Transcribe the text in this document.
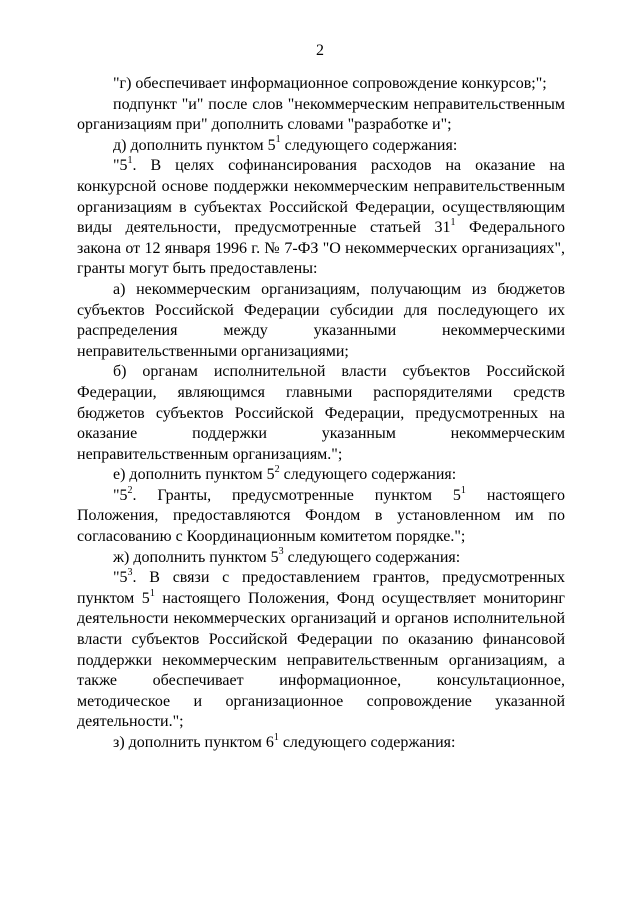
2

"г) обеспечивает информационное сопровождение конкурсов;";

подпункт "и" после слов "некоммерческим неправительственным организациям при" дополнить словами "разработке и";

д) дополнить пунктом $5^1$ следующего содержания:

"$5^1$. В целях софинансирования расходов на оказание на конкурсной основе поддержки некоммерческим неправительственным организациям в субъектах Российской Федерации, осуществляющим виды деятельности, предусмотренные статьей $31^1$ Федерального закона от 12 января 1996 г. № 7-ФЗ "О некоммерческих организациях", гранты могут быть предоставлены:

а) некоммерческим организациям, получающим из бюджетов субъектов Российской Федерации субсидии для последующего их распределения между указанными некоммерческими неправительственными организациями;

б) органам исполнительной власти субъектов Российской Федерации, являющимся главными распорядителями средств бюджетов субъектов Российской Федерации, предусмотренных на оказание поддержки указанным некоммерческим неправительственным организациям.";

е) дополнить пунктом $5^2$ следующего содержания:

"$5^2$. Гранты, предусмотренные пунктом $5^1$ настоящего Положения, предоставляются Фондом в установленном им по согласованию с Координационным комитетом порядке.";

ж) дополнить пунктом $5^3$ следующего содержания:

"$5^3$. В связи с предоставлением грантов, предусмотренных пунктом $5^1$ настоящего Положения, Фонд осуществляет мониторинг деятельности некоммерческих организаций и органов исполнительной власти субъектов Российской Федерации по оказанию финансовой поддержки некоммерческим неправительственным организациям, а также обеспечивает информационное, консультационное, методическое и организационное сопровождение указанной деятельности.";

з) дополнить пунктом $6^1$ следующего содержания:
